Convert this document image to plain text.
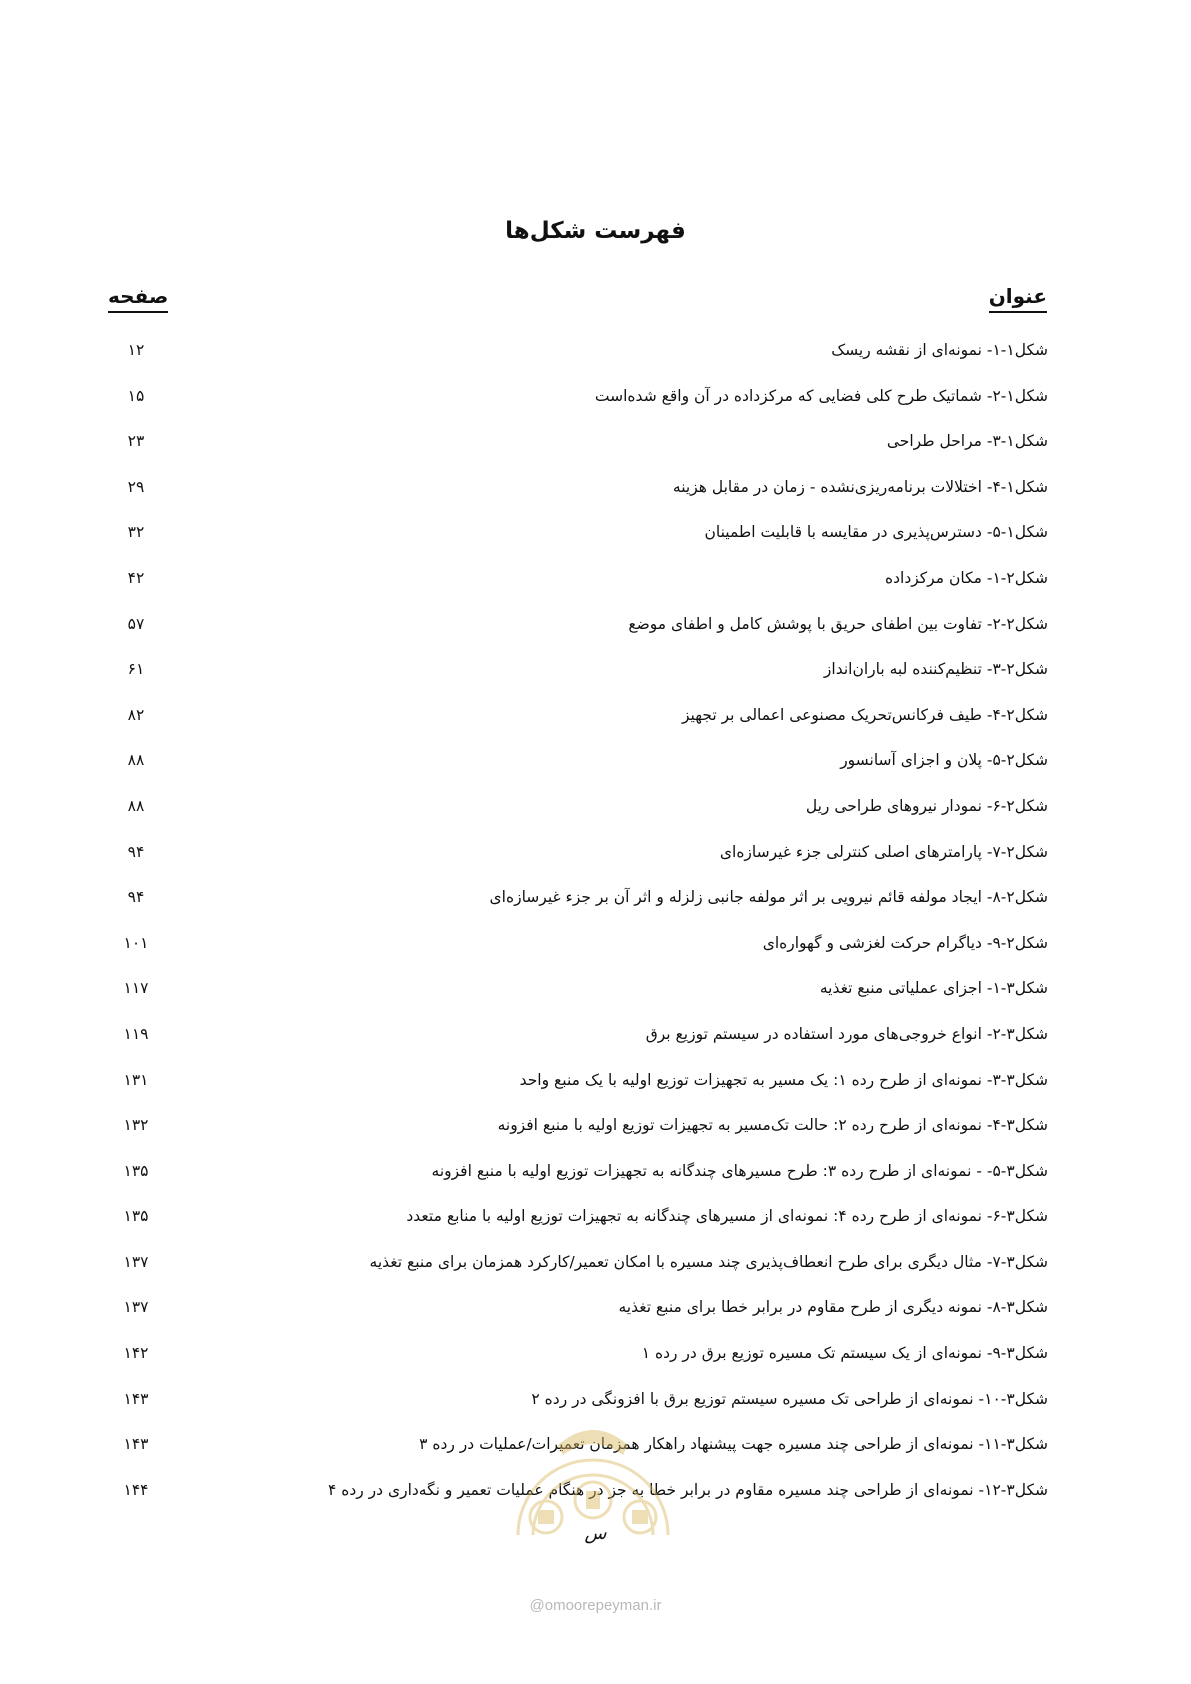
فهرست شکل‌ها
عنوان
صفحه
شکل۱-۱- نمونه‌ای از نقشه ریسک
۱۲
شکل۱-۲- شماتیک طرح کلی فضایی که مرکزداده در آن واقع شده‌است
۱۵
شکل۱-۳- مراحل طراحی
۲۳
شکل۱-۴- اختلالات برنامه‌ریزی‌نشده - زمان در مقابل هزینه
۲۹
شکل۱-۵- دسترس‌پذیری در مقایسه با قابلیت اطمینان
۳۲
شکل۲-۱- مکان مرکزداده
۴۲
شکل۲-۲- تفاوت بین اطفای حریق با پوشش کامل و اطفای موضع
۵۷
شکل۲-۳- تنظیم‌کننده لبه باران‌انداز
۶۱
شکل۲-۴- طیف فرکانس‌تحریک مصنوعی اعمالی بر تجهیز
۸۲
شکل۲-۵- پلان و اجزای آسانسور
۸۸
شکل۲-۶- نمودار نیروهای طراحی ریل
۸۸
شکل۲-۷- پارامترهای اصلی کنترلی جزء غیرسازه‌ای
۹۴
شکل۲-۸- ایجاد مولفه قائم نیرویی بر اثر مولفه جانبی زلزله و اثر آن بر جزء غیرسازه‌ای
۹۴
شکل۲-۹- دیاگرام حرکت لغزشی و گهواره‌ای
۱۰۱
شکل۳-۱- اجزای عملیاتی منبع تغذیه
۱۱۷
شکل۳-۲- انواع خروجی‌های مورد استفاده در سیستم توزیع برق
۱۱۹
شکل۳-۳- نمونه‌ای از طرح رده ۱: یک مسیر به تجهیزات توزیع اولیه با یک منبع واحد
۱۳۱
شکل۳-۴- نمونه‌ای از طرح رده ۲: حالت تک‌مسیر به تجهیزات توزیع اولیه با منبع افزونه
۱۳۲
شکل۳-۵- - نمونه‌ای از طرح رده ۳: طرح مسیرهای چندگانه به تجهیزات توزیع اولیه با منبع افزونه
۱۳۵
شکل۳-۶- نمونه‌ای از طرح رده ۴: نمونه‌ای از مسیرهای چندگانه به تجهیزات توزیع اولیه با منابع متعدد
۱۳۵
شکل۳-۷- مثال دیگری برای طرح انعطاف‌پذیری چند مسیره با امکان تعمیر/کارکرد همزمان برای منبع تغذیه
۱۳۷
شکل۳-۸- نمونه دیگری از طرح مقاوم در برابر خطا برای منبع تغذیه
۱۳۷
شکل۳-۹- نمونه‌ای از یک سیستم تک مسیره توزیع برق در رده ۱
۱۴۲
شکل۳-۱۰- نمونه‌ای از طراحی تک مسیره سیستم توزیع برق با افزونگی در رده ۲
۱۴۳
شکل۳-۱۱- نمونه‌ای از طراحی چند مسیره جهت پیشنهاد راهکار همزمان تعمیرات/عملیات در رده ۳
۱۴۳
شکل۳-۱۲- نمونه‌ای از طراحی چند مسیره مقاوم در برابر خطا به جز در هنگام عملیات تعمیر و نگه‌داری در رده ۴
۱۴۴
س
@omoorepeyman.ir
